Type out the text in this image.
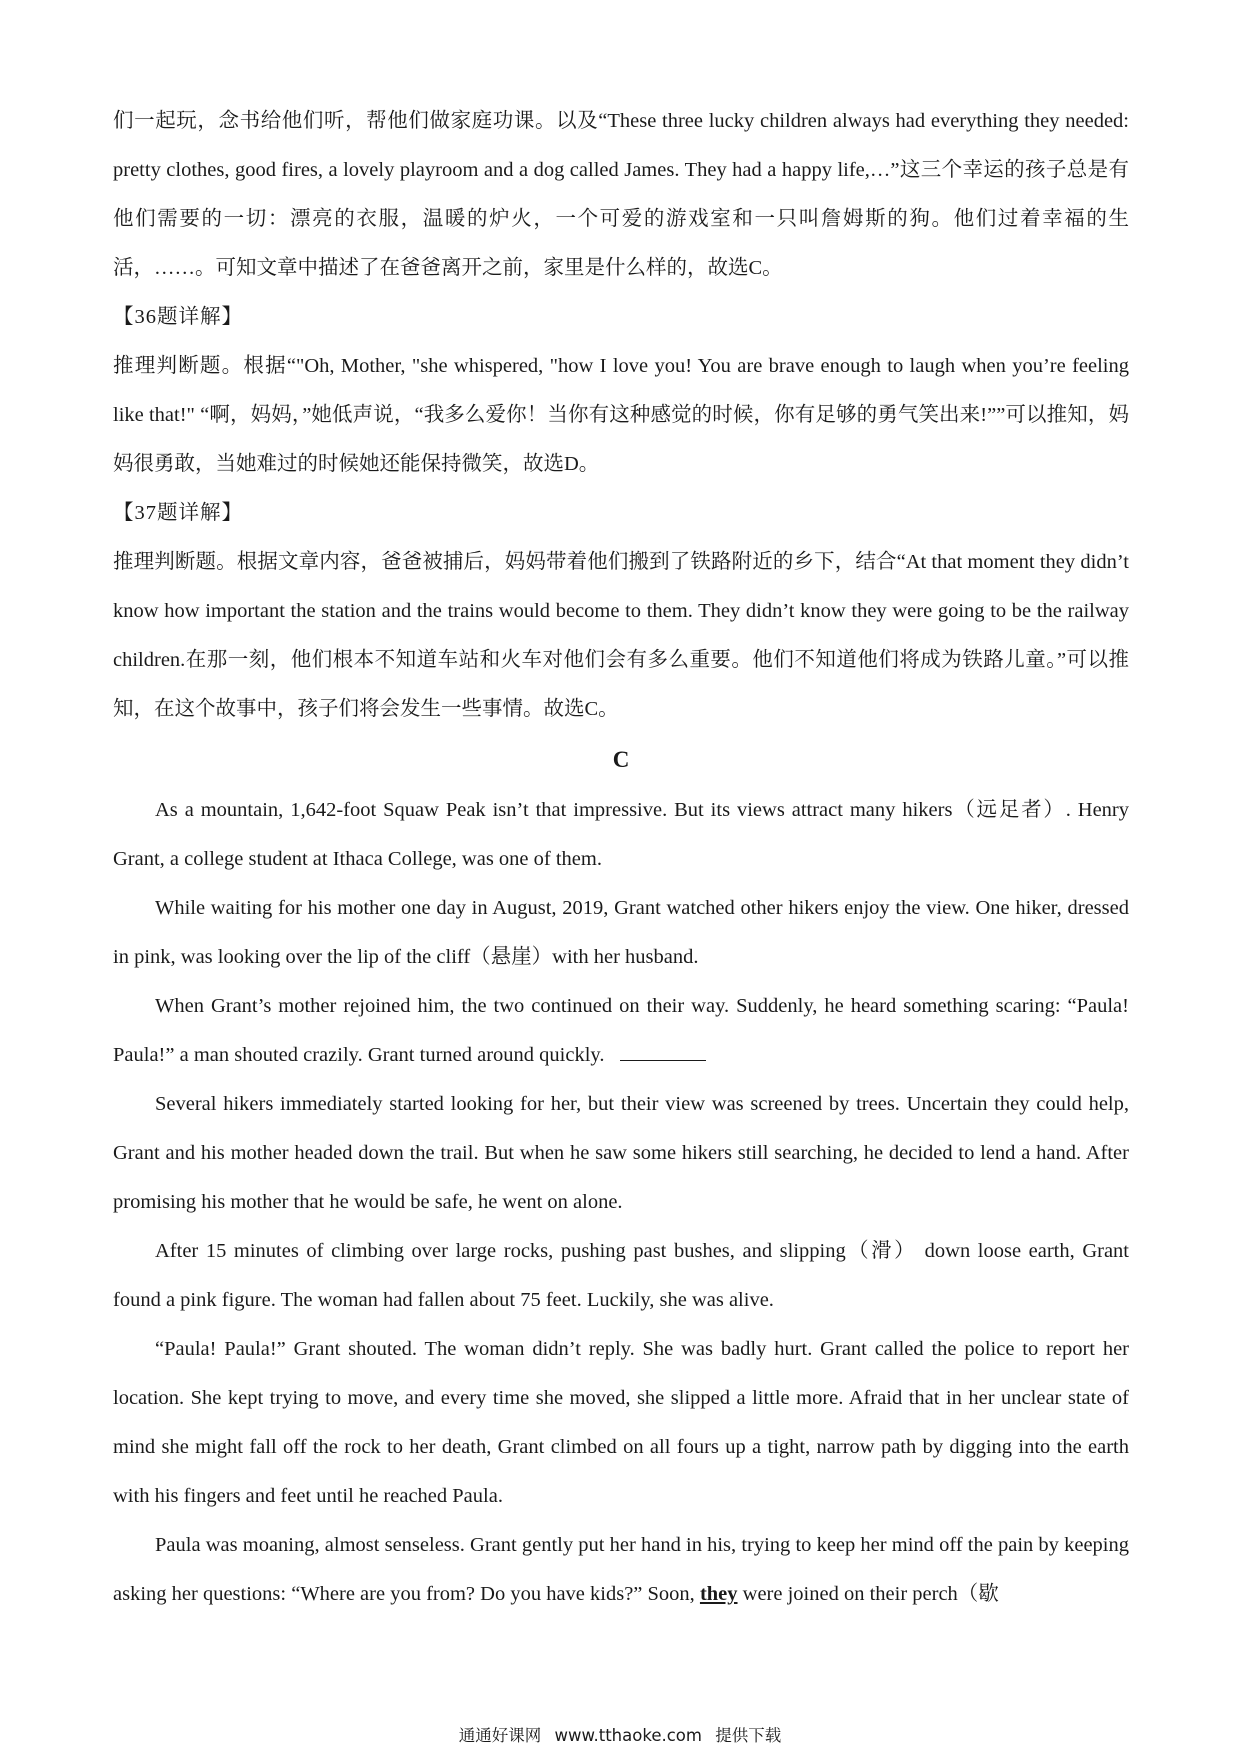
们一起玩，念书给他们听，帮他们做家庭功课。以及“These three lucky children always had everything they needed: pretty clothes, good fires, a lovely playroom and a dog called James. They had a happy life,…”这三个幸运的孩子总是有他们需要的一切：漂亮的衣服，温暖的炉火，一个可爱的游戏室和一只叫詹姆斯的狗。他们过着幸福的生活，……。可知文章中描述了在爸爸离开之前，家里是什么样的，故选C。

【36题详解】

推理判断题。根据“"Oh, Mother, "she whispered, "how I love you! You are brave enough to laugh when you’re feeling like that!" “啊，妈妈，”她低声说，“我多么爱你！当你有这种感觉的时候，你有足够的勇气笑出来!””可以推知，妈妈很勇敢，当她难过的时候她还能保持微笑，故选D。

【37题详解】

推理判断题。根据文章内容，爸爸被捕后，妈妈带着他们搬到了铁路附近的乡下，结合“At that moment they didn’t know how important the station and the trains would become to them. They didn’t know they were going to be the railway children.在那一刻，他们根本不知道车站和火车对他们会有多么重要。他们不知道他们将成为铁路儿童。”可以推知，在这个故事中，孩子们将会发生一些事情。故选C。

C

As a mountain, 1,642-foot Squaw Peak isn’t that impressive. But its views attract many hikers（远足者）. Henry Grant, a college student at Ithaca College, was one of them.

While waiting for his mother one day in August, 2019, Grant watched other hikers enjoy the view. One hiker, dressed in pink, was looking over the lip of the cliff（悬崖）with her husband.

When Grant’s mother rejoined him, the two continued on their way. Suddenly, he heard something scaring: “Paula! Paula!” a man shouted crazily. Grant turned around quickly.

Several hikers immediately started looking for her, but their view was screened by trees. Uncertain they could help, Grant and his mother headed down the trail. But when he saw some hikers still searching, he decided to lend a hand. After promising his mother that he would be safe, he went on alone.

After 15 minutes of climbing over large rocks, pushing past bushes, and slipping（滑） down loose earth, Grant found a pink figure. The woman had fallen about 75 feet. Luckily, she was alive.

“Paula! Paula!” Grant shouted. The woman didn’t reply. She was badly hurt. Grant called the police to report her location. She kept trying to move, and every time she moved, she slipped a little more. Afraid that in her unclear state of mind she might fall off the rock to her death, Grant climbed on all fours up a tight, narrow path by digging into the earth with his fingers and feet until he reached Paula.

Paula was moaning, almost senseless. Grant gently put her hand in his, trying to keep her mind off the pain by keeping asking her questions: “Where are you from? Do you have kids?” Soon, they were joined on their perch（歇

通通好课网 www.tthaoke.com 提供下载
